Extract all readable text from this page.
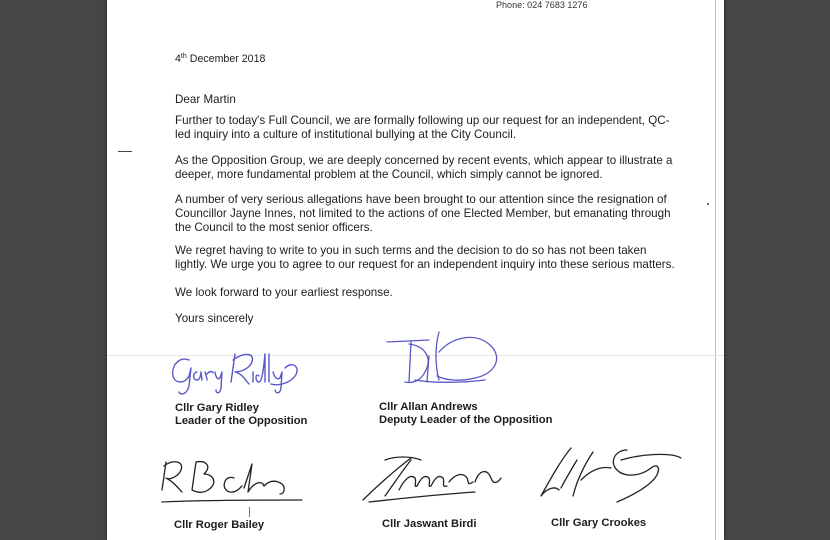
Phone: 024 7683 1276
4th December 2018
Dear Martin
Further to today's Full Council, we are formally following up our request for an independent, QC-
led inquiry into a culture of institutional bullying at the City Council.
As the Opposition Group, we are deeply concerned by recent events, which appear to illustrate a
deeper, more fundamental problem at the Council, which simply cannot be ignored.
A number of very serious allegations have been brought to our attention since the resignation of
Councillor Jayne Innes, not limited to the actions of one Elected Member, but emanating through
the Council to the most senior officers.
We regret having to write to you in such terms and the decision to do so has not been taken
lightly. We urge you to agree to our request for an independent inquiry into these serious matters.
We look forward to your earliest response.
Yours sincerely
Cllr Gary Ridley
Leader of the Opposition
Cllr Allan Andrews
Deputy Leader of the Opposition
Cllr Roger Bailey	Cllr Jaswant Birdi	Cllr Gary Crookes
